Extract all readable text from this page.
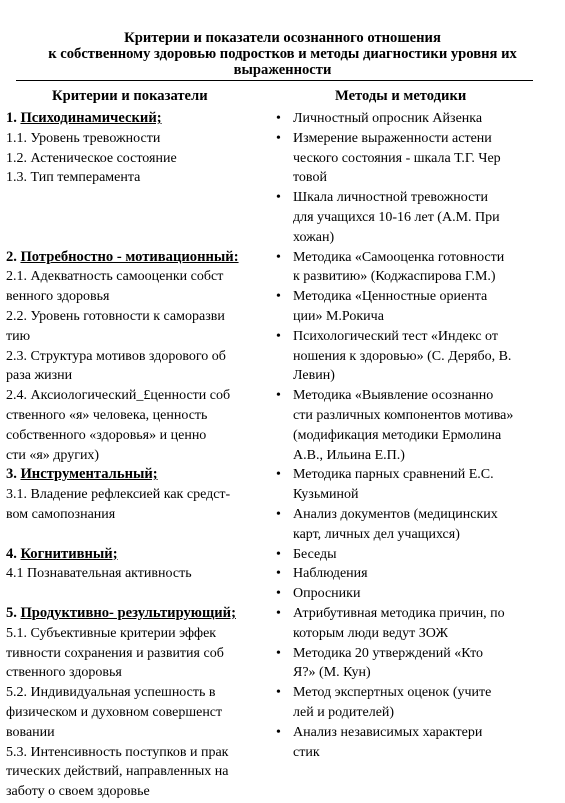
Критерии и показатели осознанного отношения
к собственному здоровью подростков и методы диагностики уровня их
выраженности
Критерии и показатели	Методы и методики
1. Психодинамический;
1.1. Уровень тревожности
1.2. Астеническое состояние
1.3. Тип темперамента
2. Потребностно - мотивационный:
2.1. Адекватность самооценки собст
венного здоровья
2.2. Уровень готовности к саморазви
тию
2.3. Структура мотивов здорового об
раза жизни
2.4. Аксиологический_£ценности соб
ственного «я» человека, ценность
собственного «здоровья» и ценно
сти «я» других)
3. Инструментальный;
3.1. Владение рефлексией как средст-
вом самопознания
4. Когнитивный;
4.1 Познавательная активность
5. Продуктивно- результирующий;
5.1. Субъективные критерии эффек
тивности сохранения и развития соб
ственного здоровья
5.2. Индивидуальная успешность в
физическом и духовном совершенст
вовании
5.3. Интенсивность поступков и прак
тических действий, направленных на
заботу о своем здоровье
• Личностный опросник Айзенка
• Измерение выраженности астени
ческого состояния - шкала Т.Г. Чер
товой
• Шкала личностной тревожности
для учащихся 10-16 лет (А.М. При
хожан)
• Методика «Самооценка готовности
к развитию» (Коджаспирова Г.М.)
• Методика «Ценностные ориента
ции» М.Рокича
• Психологический тест «Индекс от
ношения к здоровью» (С. Дерябо, В.
Левин)
• Методика «Выявление осознанно
сти различных компонентов мотива»
(модификация методики Ермолина
А.В., Ильина Е.П.)
• Методика парных сравнений Е.С.
Кузьминой
• Анализ документов (медицинских
карт, личных дел учащихся)
• Беседы
• Наблюдения
• Опросники
• Атрибутивная методика причин, по
которым люди ведут ЗОЖ
• Методика 20 утверждений «Кто
Я?» (М. Кун)
• Метод экспертных оценок (учите
лей и родителей)
• Анализ независимых характери
стик
